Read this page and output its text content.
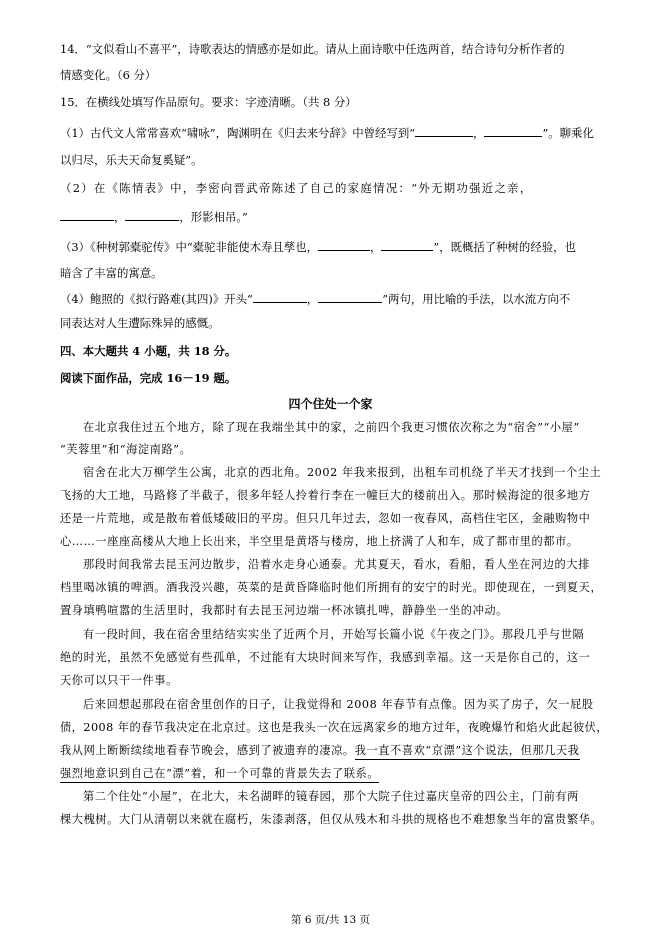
14．“文似看山不喜平”，诗歌表达的情感亦是如此。请从上面诗歌中任选两首，结合诗句分析作者的
情感变化。（6 分）
15．在横线处填写作品原句。要求：字迹清晰。（共 8 分）
（1）古代文人常常喜欢“啸咏”，陶渊明在《归去来兮辞》中曾经写到“	，	”。聊乘化
以归尽，乐夫天命复奚疑”。
（2）在《陈情表》中，李密向晋武帝陈述了自己的家庭情况：“外无期功强近之亲，
，	，形影相吊。”
（3）《种树郭橐驼传》中“橐驼非能使木寿且孳也，	，	”，既概括了种树的经验，也
暗含了丰富的寓意。
（4）鲍照的《拟行路难(其四)》开头“	，	”两句，用比喻的手法，以水流方向不
同表达对人生遭际殊异的感慨。
四、本大题共 4 小题，共 18 分。
阅读下面作品，完成 16－19 题。
四个住处一个家
在北京我住过五个地方，除了现在我端坐其中的家，之前四个我更习惯依次称之为“宿舍”“小屋”
“芙蓉里”和“海淀南路”。
宿舍在北大万柳学生公寓，北京的西北角。2002 年我来报到，出租车司机绕了半天才找到一个尘土
飞扬的大工地，马路修了半截子，很多年轻人拎着行李在一幢巨大的楼前出入。那时候海淀的很多地方
还是一片荒地，或是散布着低矮破旧的平房。但只几年过去，忽如一夜春风，高档住宅区，金融购物中
心……一座座高楼从大地上长出来，半空里是黄塔与楼房，地上挤满了人和车，成了都市里的都市。
那段时间我常去昆玉河边散步，沿着水走身心通泰。尤其夏天，看水，看船，看人坐在河边的大排
档里喝冰镇的啤酒。酒我没兴趣，英菜的是黄昏降临时他们所拥有的安宁的时光。即使现在，一到夏天，
置身填鸭喧嚣的生活里时，我都时有去昆玉河边端一杯冰镇扎啤，静静坐一坐的冲动。
有一段时间，我在宿舍里结结实实坐了近两个月，开始写长篇小说《午夜之门》。那段几乎与世隔
绝的时光，虽然不免感觉有些孤单，不过能有大块时间来写作，我感到幸福。这一天是你自己的，这一
天你可以只干一件事。
后来回想起那段在宿舍里创作的日子，让我觉得和 2008 年春节有点像。因为买了房子，欠一屁股
债，2008 年的春节我决定在北京过。这也是我头一次在远离家乡的地方过年，夜晚爆竹和焰火此起彼伏，
我从网上断断续续地看春节晚会，感到了被遗弃的凄凉。我一直不喜欢“京漂”这个说法，但那几天我
强烈地意识到自己在“漂”着，和一个可靠的背景失去了联系。
第二个住处“小屋”，在北大，未名湖畔的镜春园，那个大院子住过嘉庆皇帝的四公主，门前有两
棵大槐树。大门从清朝以来就在腐朽，朱漆剥落，但仅从残木和斗拱的规格也不难想象当年的富贵繁华。
第 6 页/共 13 页
